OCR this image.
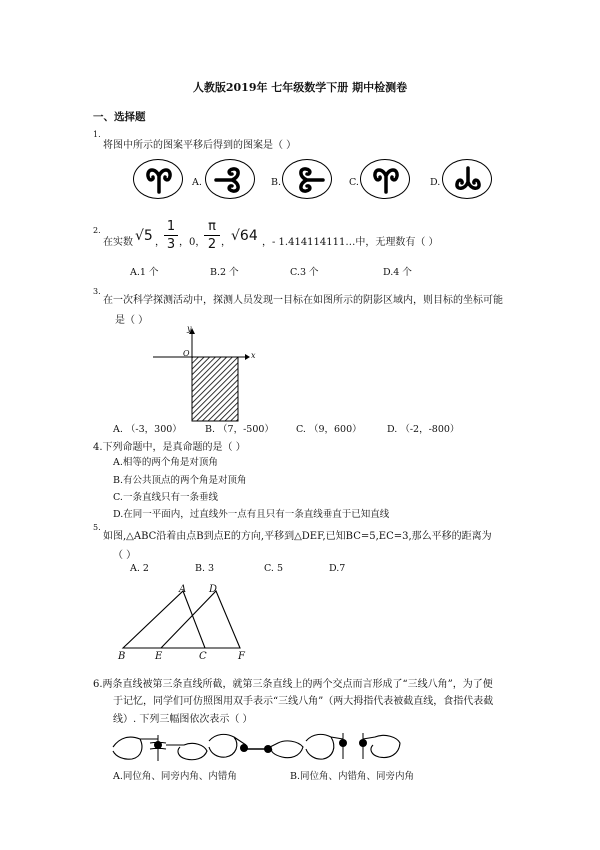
人教版2019年 七年级数学下册 期中检测卷
一、选择题
1.
将图中所示的图案平移后得到的图案是（ ）
A.	B.	C.	D.
2.
在实数 √5 ，
1
3 ，0，
π
2 ， √64 ，- 1.414114111…中，无理数有（ ）
A.1 个	B.2 个	C.3 个	D.4 个
3.
在一次科学探测活动中，探测人员发现一目标在如图所示的阴影区域内，则目标的坐标可能
是（ ）
y
x
O
A. （-3，300） B. （7，-500） C. （9，600）	D. （-2，-800）
4.下列命题中，是真命题的是（ ）
A.相等的两个角是对顶角
B.有公共顶点的两个角是对顶角
C.一条直线只有一条垂线
D.在同一平面内，过直线外一点有且只有一条直线垂直于已知直线
5.
如图,△ABC沿着由点B到点E的方向,平移到△DEF,已知BC=5,EC=3,那么平移的距离为
（ ）
A. 2	B. 3	C. 5	D.7
A D
B	E	C	F
6.两条直线被第三条直线所截，就第三条直线上的两个交点而言形成了“三线八角”，为了便
于记忆，同学们可仿照图用双手表示“三线八角”（两大拇指代表被截直线，食指代表截
线）. 下列三幅图依次表示（ ）
A.同位角、同旁内角、内错角	B.同位角、内错角、同旁内角
